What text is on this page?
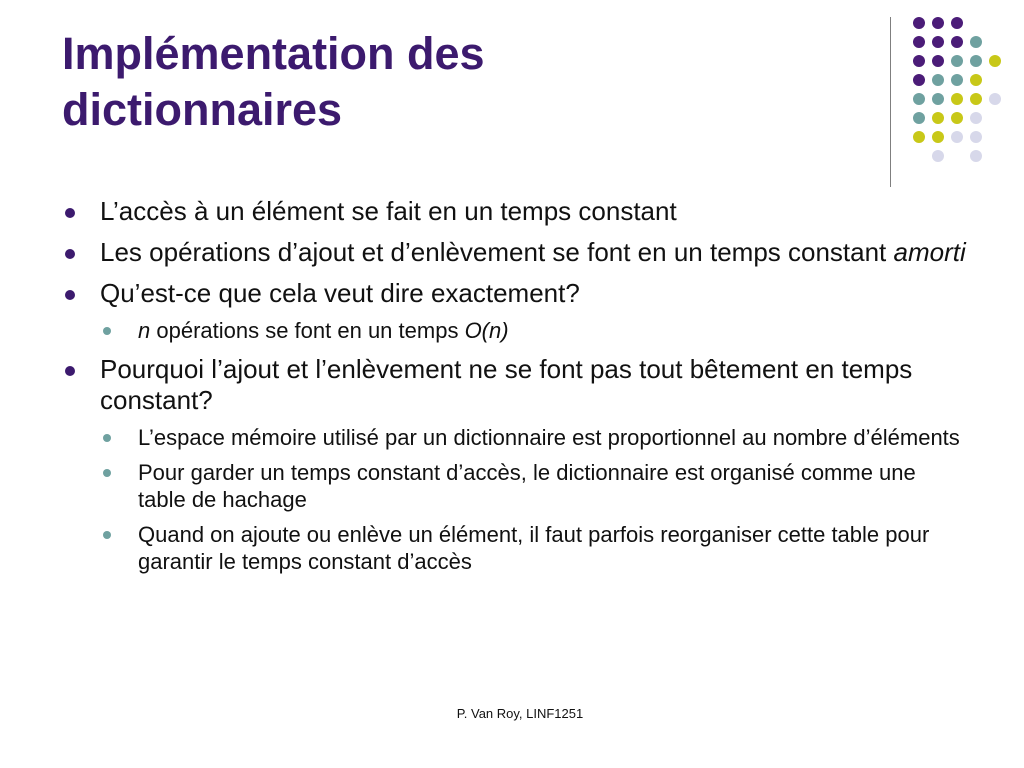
Implémentation des
dictionnaires
L’accès à un élément se fait en un temps constant
Les opérations d’ajout et d’enlèvement se font en un temps constant amorti
Qu’est-ce que cela veut dire exactement?
n opérations se font en un temps O(n)
Pourquoi l’ajout et l’enlèvement ne se font pas tout bêtement en temps constant?
L’espace mémoire utilisé par un dictionnaire est proportionnel au nombre d’éléments
Pour garder un temps constant d’accès, le dictionnaire est organisé comme une table de hachage
Quand on ajoute ou enlève un élément, il faut parfois reorganiser cette table pour garantir le temps constant d’accès
P. Van Roy, LINF1251
